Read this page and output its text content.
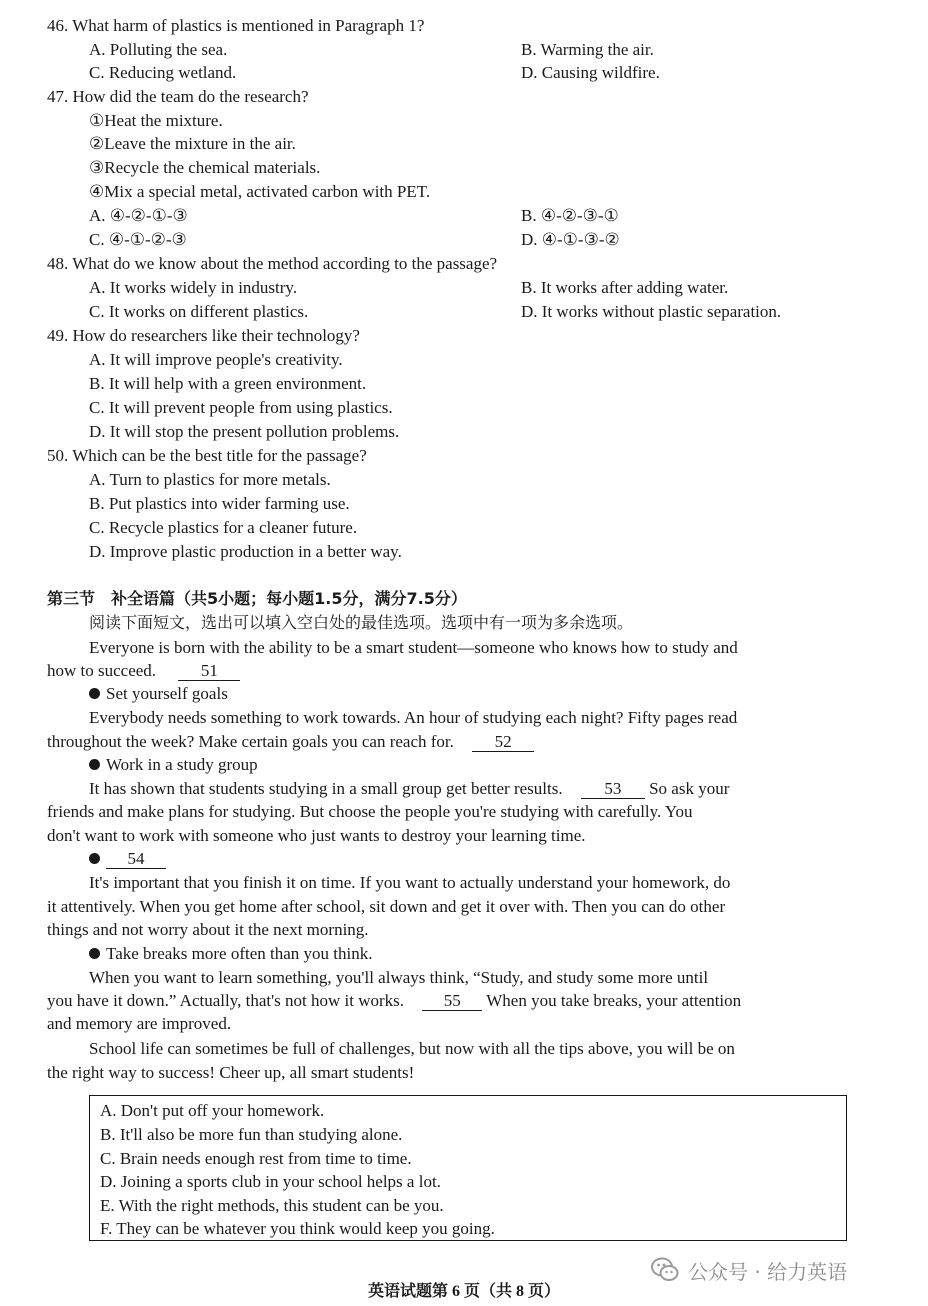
46. What harm of plastics is mentioned in Paragraph 1?
A. Polluting the sea.	B. Warming the air.
C. Reducing wetland.	D. Causing wildfire.
47. How did the team do the research?
①Heat the mixture.
②Leave the mixture in the air.
③Recycle the chemical materials.
④Mix a special metal, activated carbon with PET.
A. ④-②-①-③	B. ④-②-③-①
C. ④-①-②-③	D. ④-①-③-②
48. What do we know about the method according to the passage?
A. It works widely in industry.	B. It works after adding water.
C. It works on different plastics.	D. It works without plastic separation.
49. How do researchers like their technology?
A. It will improve people's creativity.
B. It will help with a green environment.
C. It will prevent people from using plastics.
D. It will stop the present pollution problems.
50. Which can be the best title for the passage?
A. Turn to plastics for more metals.
B. Put plastics into wider farming use.
C. Recycle plastics for a cleaner future.
D. Improve plastic production in a better way.
第三节　补全语篇（共5小题；每小题1.5分，满分7.5分）
阅读下面短文，选出可以填入空白处的最佳选项。选项中有一项为多余选项。
Everyone is born with the ability to be a smart student—someone who knows how to study and
how to succeed.	51
Set yourself goals
Everybody needs something to work towards. An hour of studying each night? Fifty pages read
throughout the week? Make certain goals you can reach for. 52
Work in a study group
It has shown that students studying in a small group get better results. 53 So ask your
friends and make plans for studying. But choose the people you're studying with carefully. You
don't want to work with someone who just wants to destroy your learning time.
54
It's important that you finish it on time. If you want to actually understand your homework, do
it attentively. When you get home after school, sit down and get it over with. Then you can do other
things and not worry about it the next morning.
Take breaks more often than you think.
When you want to learn something, you'll always think, “Study, and study some more until
you have it down.” Actually, that's not how it works. 55 When you take breaks, your attention
and memory are improved.
School life can sometimes be full of challenges, but now with all the tips above, you will be on
the right way to success! Cheer up, all smart students!
A. Don't put off your homework.
B. It'll also be more fun than studying alone.
C. Brain needs enough rest from time to time.
D. Joining a sports club in your school helps a lot.
E. With the right methods, this student can be you.
F. They can be whatever you think would keep you going.
公众号 · 给力英语
英语试题第 6 页（共 8 页）
